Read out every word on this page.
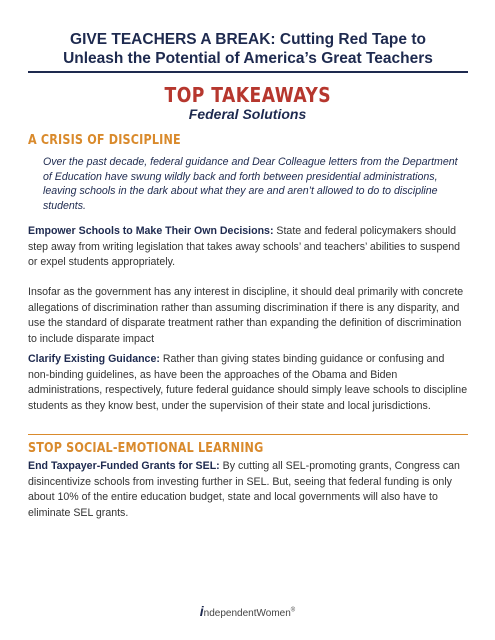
GIVE TEACHERS A BREAK: Cutting Red Tape to
Unleash the Potential of America’s Great Teachers
TOP TAKEAWAYS
Federal Solutions
A CRISIS OF DISCIPLINE
Over the past decade, federal guidance and Dear Colleague letters from the Department of Education have swung wildly back and forth between presidential administrations, leaving schools in the dark about what they are and aren’t allowed to do to discipline students.
Empower Schools to Make Their Own Decisions: State and federal policymakers should step away from writing legislation that takes away schools’ and teachers’ abilities to suspend or expel students appropriately.
Insofar as the government has any interest in discipline, it should deal primarily with concrete allegations of discrimination rather than assuming discrimination if there is any disparity, and use the standard of disparate treatment rather than expanding the definition of discrimination to include disparate impact
Clarify Existing Guidance: Rather than giving states binding guidance or confusing and non-binding guidelines, as have been the approaches of the Obama and Biden administrations, respectively, future federal guidance should simply leave schools to discipline students as they know best, under the supervision of their state and local jurisdictions.
STOP SOCIAL-EMOTIONAL LEARNING
End Taxpayer-Funded Grants for SEL: By cutting all SEL-promoting grants, Congress can disincentivize schools from investing further in SEL. But, seeing that federal funding is only about 10% of the entire education budget, state and local governments will also have to eliminate SEL grants.
independentWomen®
